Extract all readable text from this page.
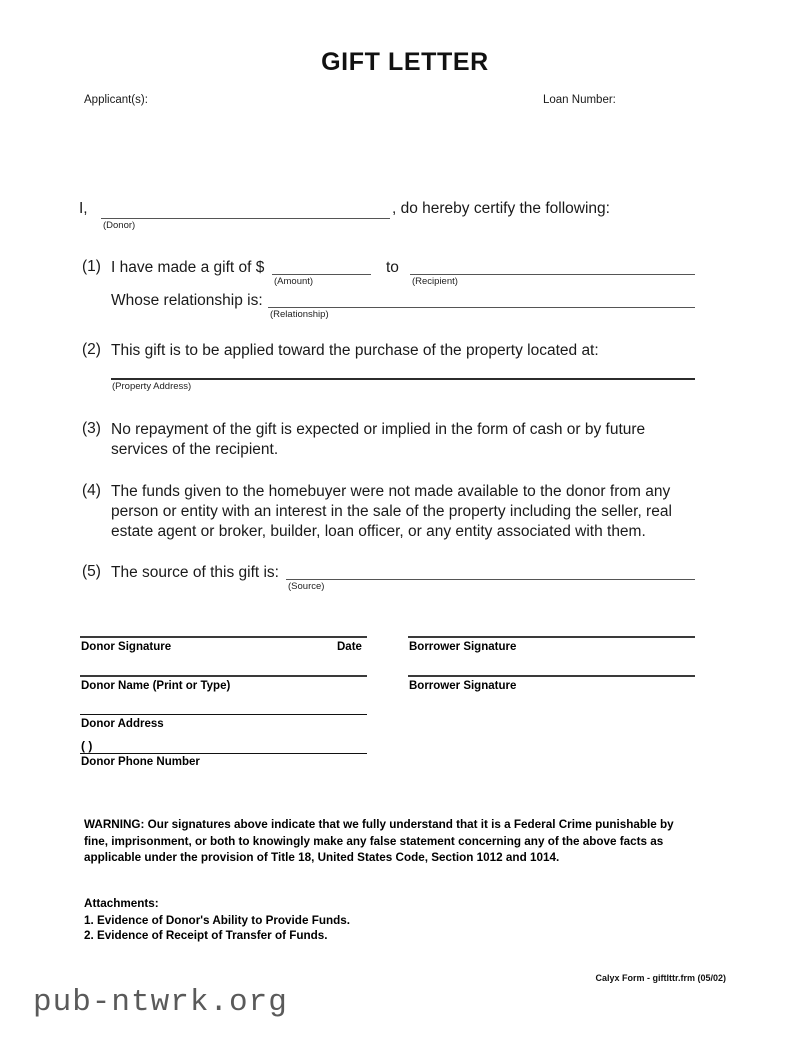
GIFT LETTER
Applicant(s):	Loan Number:
I,
(Donor)
, do hereby certify the following:
(1) I have made a gift of $
(Amount)
to
(Recipient)
Whose relationship is:
(Relationship)
(2) This gift is to be applied toward the purchase of the property located at:
(Property Address)
(3) No repayment of the gift is expected or implied in the form of cash or by future services of the recipient.
(4) The funds given to the homebuyer were not made available to the donor from any person or entity with an interest in the sale of the property including the seller, real estate agent or broker, builder, loan officer, or any entity associated with them.
(5) The source of this gift is:
(Source)
Donor Signature	Date
Donor Name (Print or Type)
Donor Address
( )
Donor Phone Number
Borrower Signature
Borrower Signature
WARNING: Our signatures above indicate that we fully understand that it is a Federal Crime punishable by fine, imprisonment, or both to knowingly make any false statement concerning any of the above facts as applicable under the provision of Title 18, United States Code, Section 1012 and 1014.
Attachments:
1. Evidence of Donor's Ability to Provide Funds.
2. Evidence of Receipt of Transfer of Funds.
Calyx Form - giftlttr.frm (05/02)
pub-ntwrk.org
